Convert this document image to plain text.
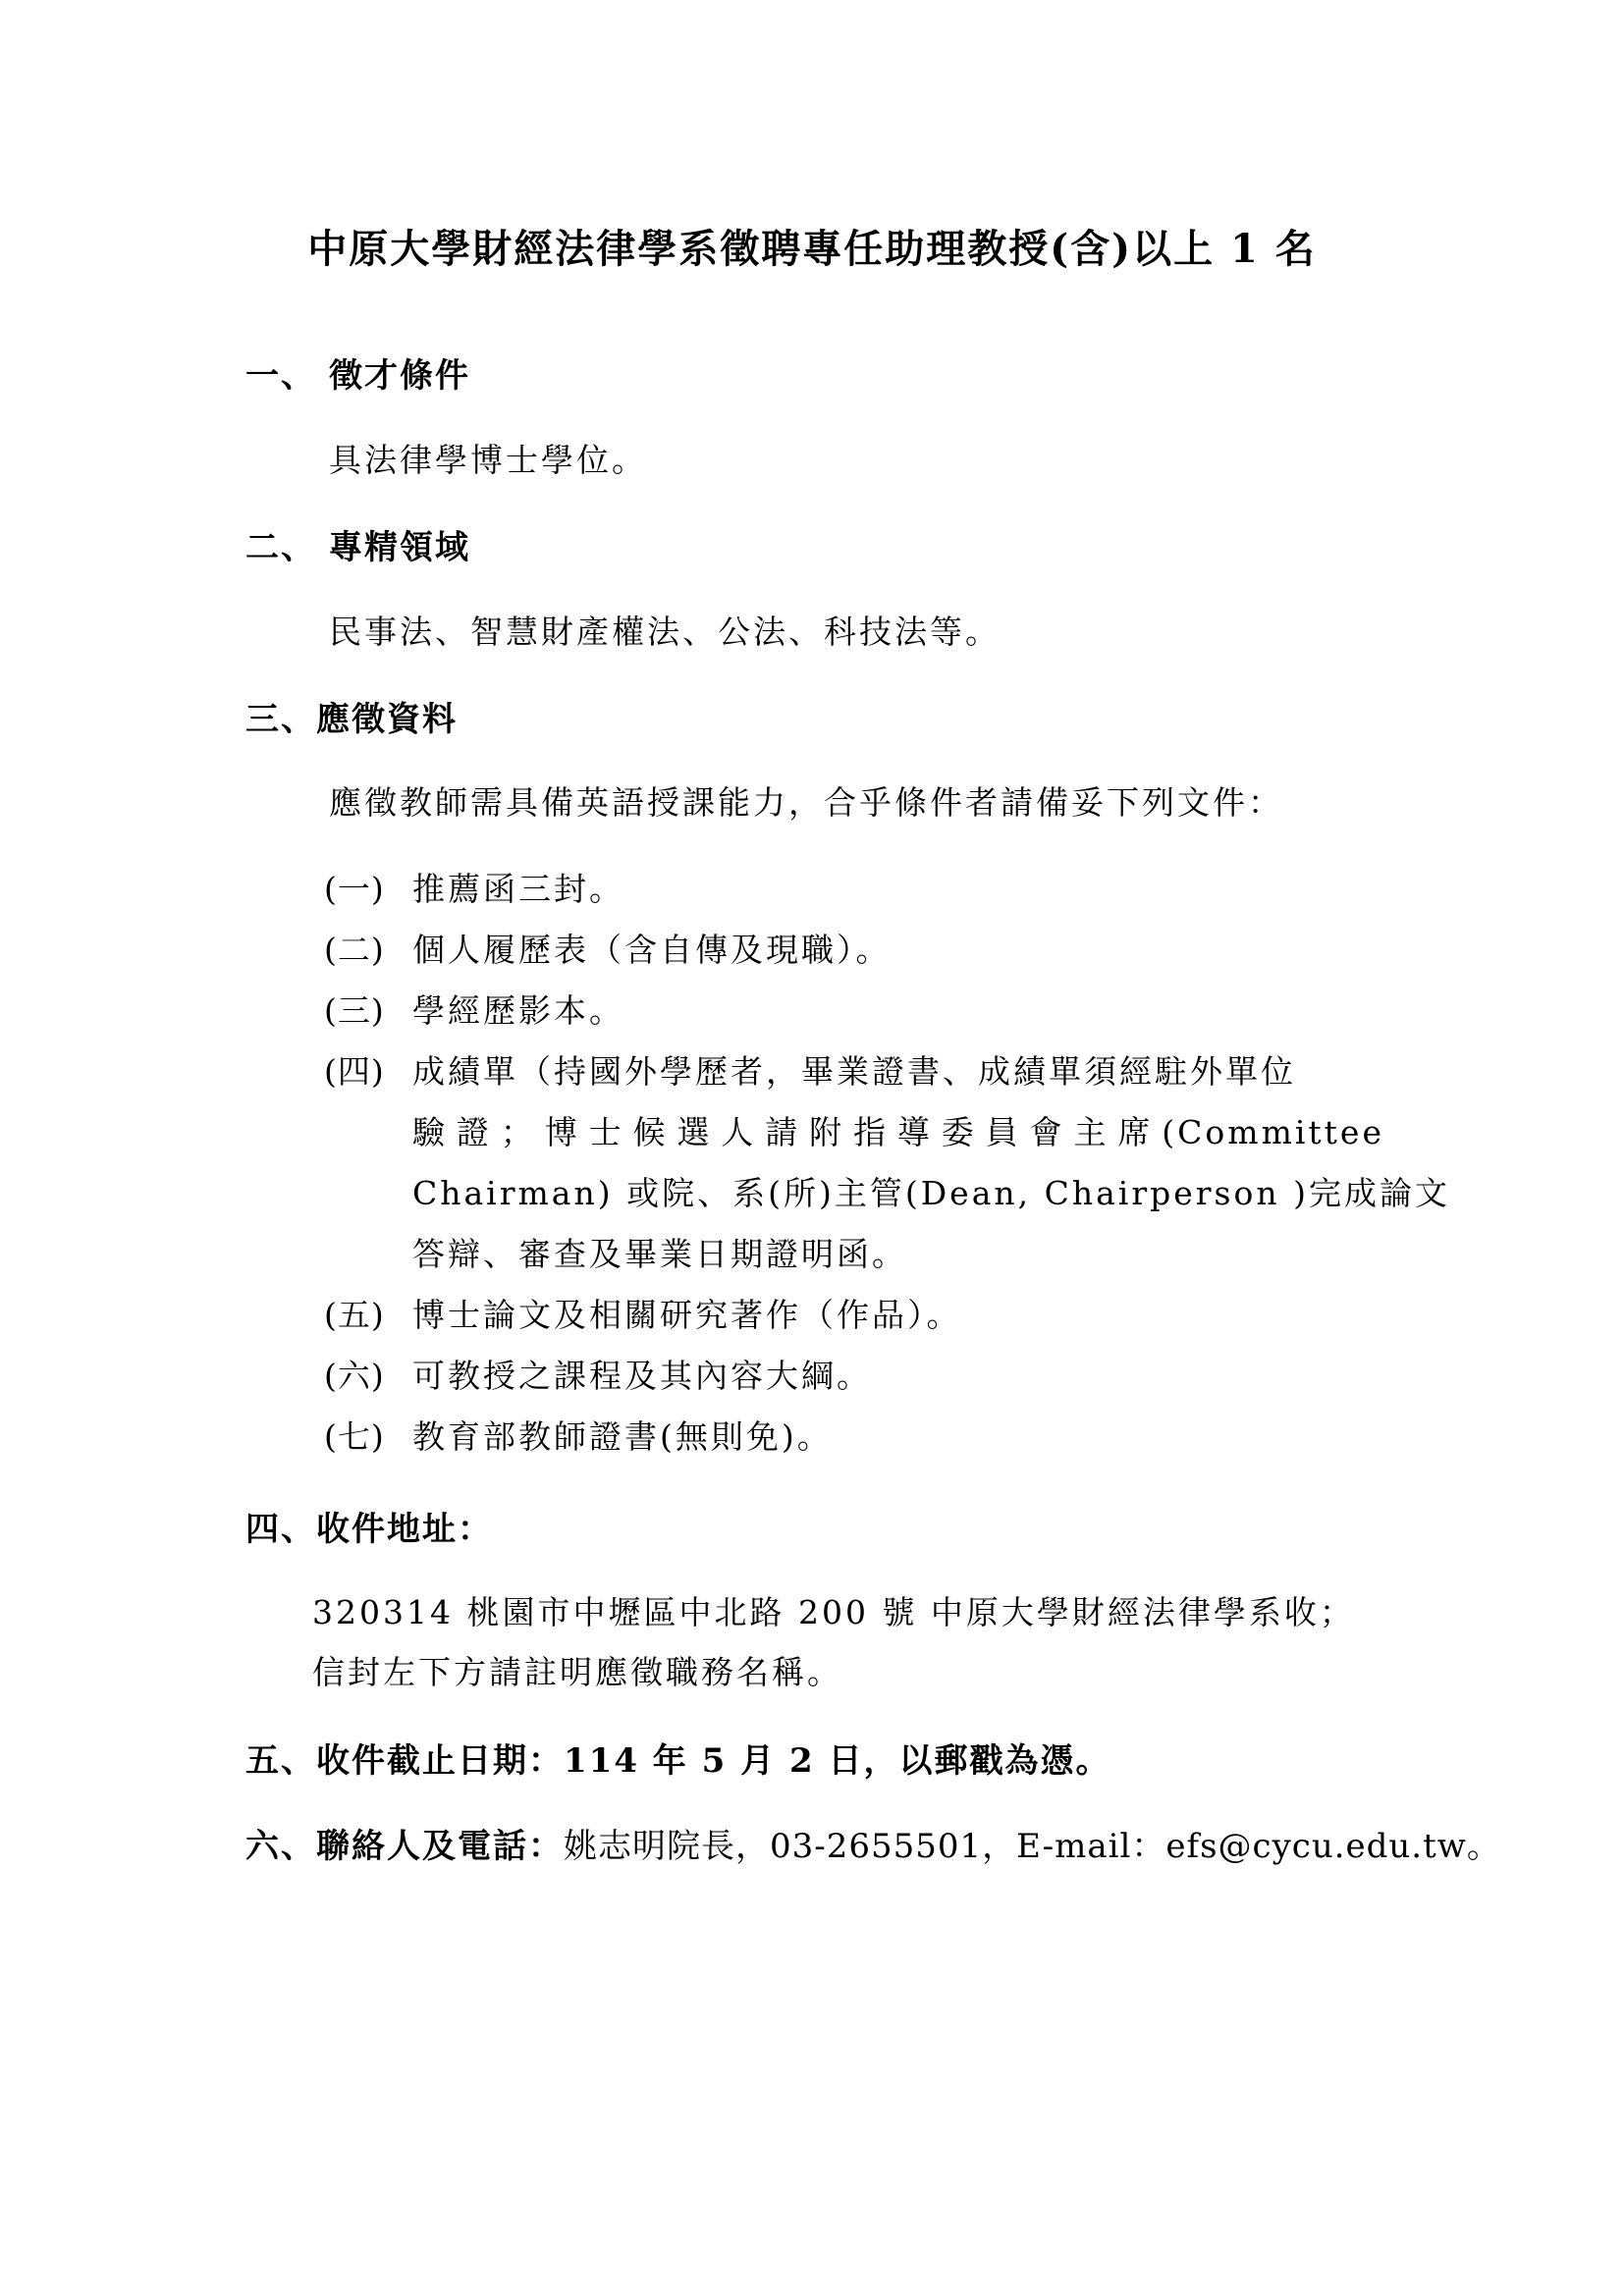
中原大學財經法律學系徵聘專任助理教授(含)以上 1 名
一、 徵才條件
具法律學博士學位。
二、 專精領域
民事法、智慧財產權法、公法、科技法等。
三、應徵資料
應徵教師需具備英語授課能力，合乎條件者請備妥下列文件：
(一) 推薦函三封。
(二) 個人履歷表（含自傳及現職）。
(三) 學經歷影本。
(四) 成績單（持國外學歷者，畢業證書、成績單須經駐外單位
驗證；博士候選人請附指導委員會主席(Committee
Chairman) 或院、系(所)主管(Dean, Chairperson )完成論文
答辯、審查及畢業日期證明函。
(五) 博士論文及相關研究著作（作品）。
(六) 可教授之課程及其內容大綱。
(七) 教育部教師證書(無則免)。
四、收件地址：
320314 桃園市中壢區中北路 200 號 中原大學財經法律學系收；
信封左下方請註明應徵職務名稱。
五、收件截止日期：114 年 5 月 2 日，以郵戳為憑。
六、聯絡人及電話：姚志明院長，03-2655501，E-mail：efs@cycu.edu.tw。
